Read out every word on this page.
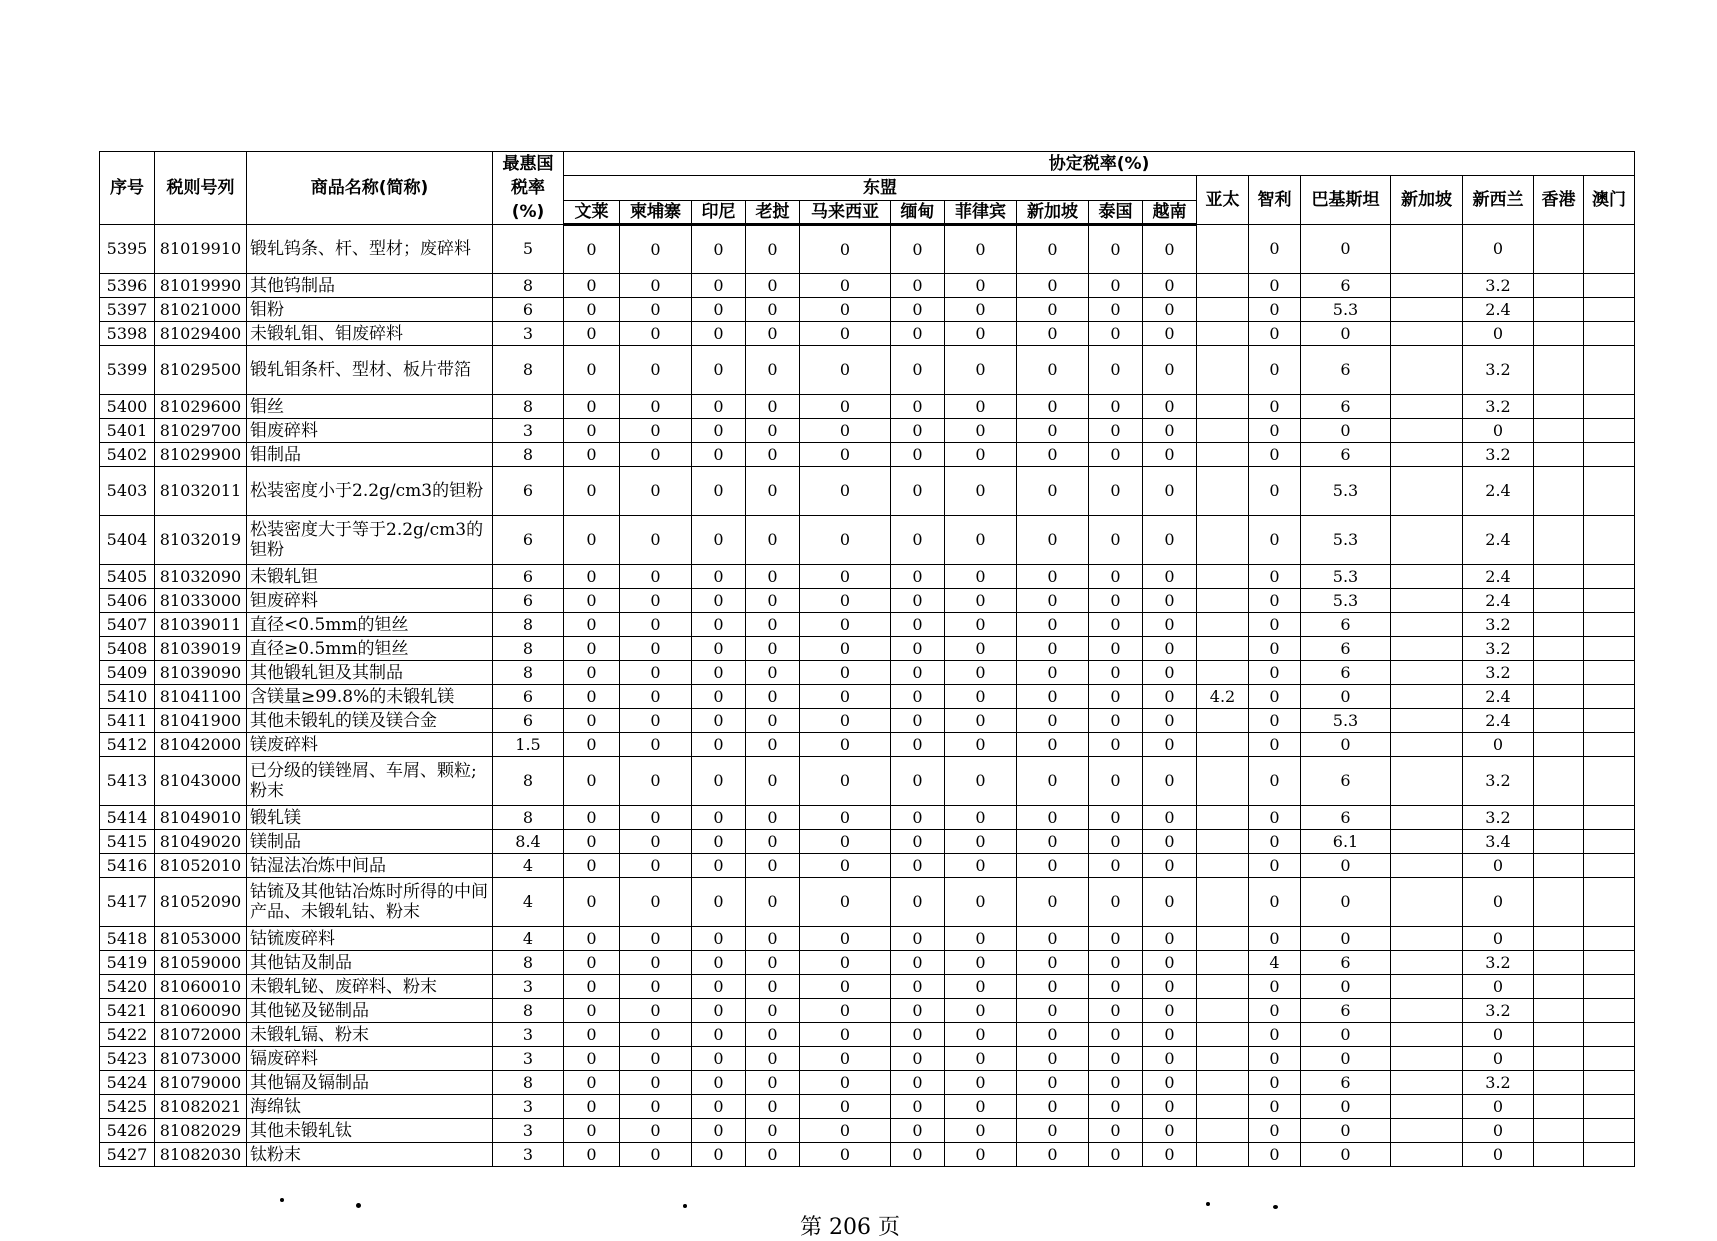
序号	税则号列	商品名称(简称)	最惠国
税率
(%)	协定税率(%)																
				东盟										亚太	智利	巴基斯坦	新加坡	新西兰	香港	澳门
				文莱	柬埔寨	印尼	老挝	马来西亚	缅甸	菲律宾	新加坡	泰国	越南							
5395	81019910	锻轧钨条、杆、型材；废碎料	5	0	0	0	0	0	0	0	0	0	0		0	0		0		
5396	81019990	其他钨制品	8	0	0	0	0	0	0	0	0	0	0		0	6		3.2		
5397	81021000	钼粉	6	0	0	0	0	0	0	0	0	0	0		0	5.3		2.4		
5398	81029400	未锻轧钼、钼废碎料	3	0	0	0	0	0	0	0	0	0	0		0	0		0		
5399	81029500	锻轧钼条杆、型材、板片带箔	8	0	0	0	0	0	0	0	0	0	0		0	6		3.2		
5400	81029600	钼丝	8	0	0	0	0	0	0	0	0	0	0		0	6		3.2		
5401	81029700	钼废碎料	3	0	0	0	0	0	0	0	0	0	0		0	0		0		
5402	81029900	钼制品	8	0	0	0	0	0	0	0	0	0	0		0	6		3.2		
5403	81032011	松装密度小于2.2g/cm3的钽粉	6	0	0	0	0	0	0	0	0	0	0		0	5.3		2.4		
5404	81032019	松装密度大于等于2.2g/cm3的钽粉	6	0	0	0	0	0	0	0	0	0	0		0	5.3		2.4		
5405	81032090	未锻轧钽	6	0	0	0	0	0	0	0	0	0	0		0	5.3		2.4		
5406	81033000	钽废碎料	6	0	0	0	0	0	0	0	0	0	0		0	5.3		2.4		
5407	81039011	直径<0.5mm的钽丝	8	0	0	0	0	0	0	0	0	0	0		0	6		3.2		
5408	81039019	直径≥0.5mm的钽丝	8	0	0	0	0	0	0	0	0	0	0		0	6		3.2		
5409	81039090	其他锻轧钽及其制品	8	0	0	0	0	0	0	0	0	0	0		0	6		3.2		
5410	81041100	含镁量≥99.8%的未锻轧镁	6	0	0	0	0	0	0	0	0	0	0	4.2	0	0		2.4		
5411	81041900	其他未锻轧的镁及镁合金	6	0	0	0	0	0	0	0	0	0	0		0	5.3		2.4		
5412	81042000	镁废碎料	1.5	0	0	0	0	0	0	0	0	0	0		0	0		0		
5413	81043000	已分级的镁锉屑、车屑、颗粒;粉末	8	0	0	0	0	0	0	0	0	0	0		0	6		3.2		
5414	81049010	锻轧镁	8	0	0	0	0	0	0	0	0	0	0		0	6		3.2		
5415	81049020	镁制品	8.4	0	0	0	0	0	0	0	0	0	0		0	6.1		3.4		
5416	81052010	钴湿法冶炼中间品	4	0	0	0	0	0	0	0	0	0	0		0	0		0		
5417	81052090	钴锍及其他钴冶炼时所得的中间产品、未锻轧钴、粉末	4	0	0	0	0	0	0	0	0	0	0		0	0		0		
5418	81053000	钴锍废碎料	4	0	0	0	0	0	0	0	0	0	0		0	0		0		
5419	81059000	其他钴及制品	8	0	0	0	0	0	0	0	0	0	0		4	6		3.2		
5420	81060010	未锻轧铋、废碎料、粉末	3	0	0	0	0	0	0	0	0	0	0		0	0		0		
5421	81060090	其他铋及铋制品	8	0	0	0	0	0	0	0	0	0	0		0	6		3.2		
5422	81072000	未锻轧镉、粉末	3	0	0	0	0	0	0	0	0	0	0		0	0		0		
5423	81073000	镉废碎料	3	0	0	0	0	0	0	0	0	0	0		0	0		0		
5424	81079000	其他镉及镉制品	8	0	0	0	0	0	0	0	0	0	0		0	6		3.2		
5425	81082021	海绵钛	3	0	0	0	0	0	0	0	0	0	0		0	0		0		
5426	81082029	其他未锻轧钛	3	0	0	0	0	0	0	0	0	0	0		0	0		0		
5427	81082030	钛粉末	3	0	0	0	0	0	0	0	0	0	0		0	0		0		
第 206 页
